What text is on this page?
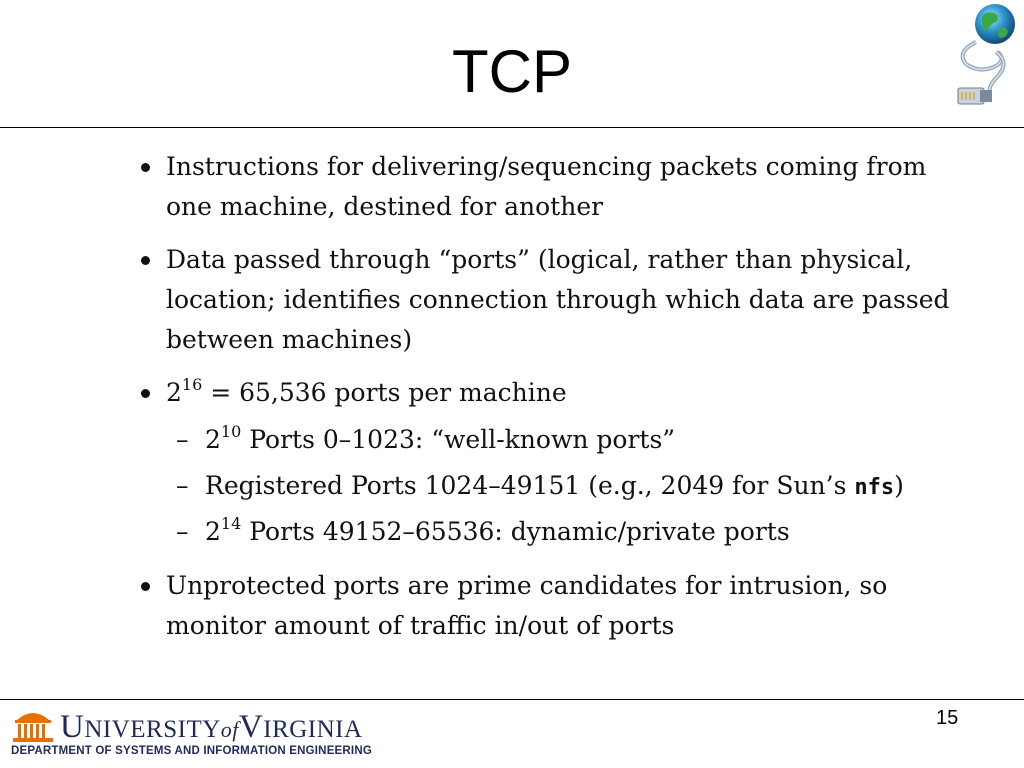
TCP
Instructions for delivering/sequencing packets coming from
one machine, destined for another
Data passed through “ports” (logical, rather than physical,
location; identifies connection through which data are passed
between machines)
$2^{16} = 65,536$ ports per machine
– $2^{10}$ Ports 0–1023: “well-known ports”
– Registered Ports 1024–49151 (e.g., 2049 for Sun’s nfs)
– $2^{14}$ Ports 49152–65536: dynamic/private ports
Unprotected ports are prime candidates for intrusion, so
monitor amount of traffic in/out of ports
UNIVERSITYofVIRGINIA
DEPARTMENT OF SYSTEMS AND INFORMATION ENGINEERING
15
